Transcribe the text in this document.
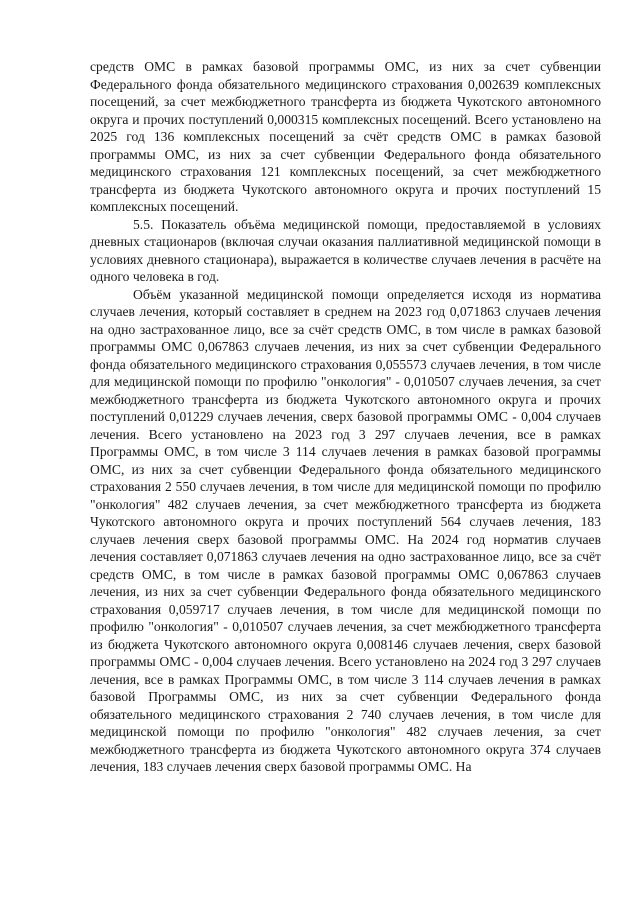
средств ОМС в рамках базовой программы ОМС, из них за счет субвенции Федерального фонда обязательного медицинского страхования 0,002639 комплексных посещений, за счет межбюджетного трансферта из бюджета Чукотского автономного округа и прочих поступлений 0,000315 комплексных посещений. Всего установлено на 2025 год 136 комплексных посещений за счёт средств ОМС в рамках базовой программы ОМС, из них за счет субвенции Федерального фонда обязательного медицинского страхования 121 комплексных посещений, за счет межбюджетного трансферта из бюджета Чукотского автономного округа и прочих поступлений 15 комплексных посещений.

5.5. Показатель объёма медицинской помощи, предоставляемой в условиях дневных стационаров (включая случаи оказания паллиативной медицинской помощи в условиях дневного стационара), выражается в количестве случаев лечения в расчёте на одного человека в год.

Объём указанной медицинской помощи определяется исходя из норматива случаев лечения, который составляет в среднем на 2023 год 0,071863 случаев лечения на одно застрахованное лицо, все за счёт средств ОМС, в том числе в рамках базовой программы ОМС 0,067863 случаев лечения, из них за счет субвенции Федерального фонда обязательного медицинского страхования 0,055573 случаев лечения, в том числе для медицинской помощи по профилю "онкология" - 0,010507 случаев лечения, за счет межбюджетного трансферта из бюджета Чукотского автономного округа и прочих поступлений 0,01229 случаев лечения, сверх базовой программы ОМС - 0,004 случаев лечения. Всего установлено на 2023 год 3 297 случаев лечения, все в рамках Программы ОМС, в том числе 3 114 случаев лечения в рамках базовой программы ОМС, из них за счет субвенции Федерального фонда обязательного медицинского страхования 2 550 случаев лечения, в том числе для медицинской помощи по профилю "онкология" 482 случаев лечения, за счет межбюджетного трансферта из бюджета Чукотского автономного округа и прочих поступлений 564 случаев лечения, 183 случаев лечения сверх базовой программы ОМС. На 2024 год норматив случаев лечения составляет 0,071863 случаев лечения на одно застрахованное лицо, все за счёт средств ОМС, в том числе в рамках базовой программы ОМС 0,067863 случаев лечения, из них за счет субвенции Федерального фонда обязательного медицинского страхования 0,059717 случаев лечения, в том числе для медицинской помощи по профилю "онкология" - 0,010507 случаев лечения, за счет межбюджетного трансферта из бюджета Чукотского автономного округа 0,008146 случаев лечения, сверх базовой программы ОМС - 0,004 случаев лечения. Всего установлено на 2024 год 3 297 случаев лечения, все в рамках Программы ОМС, в том числе 3 114 случаев лечения в рамках базовой Программы ОМС, из них за счет субвенции Федерального фонда обязательного медицинского страхования 2 740 случаев лечения, в том числе для медицинской помощи по профилю "онкология" 482 случаев лечения, за счет межбюджетного трансферта из бюджета Чукотского автономного округа 374 случаев лечения, 183 случаев лечения сверх базовой программы ОМС. На
